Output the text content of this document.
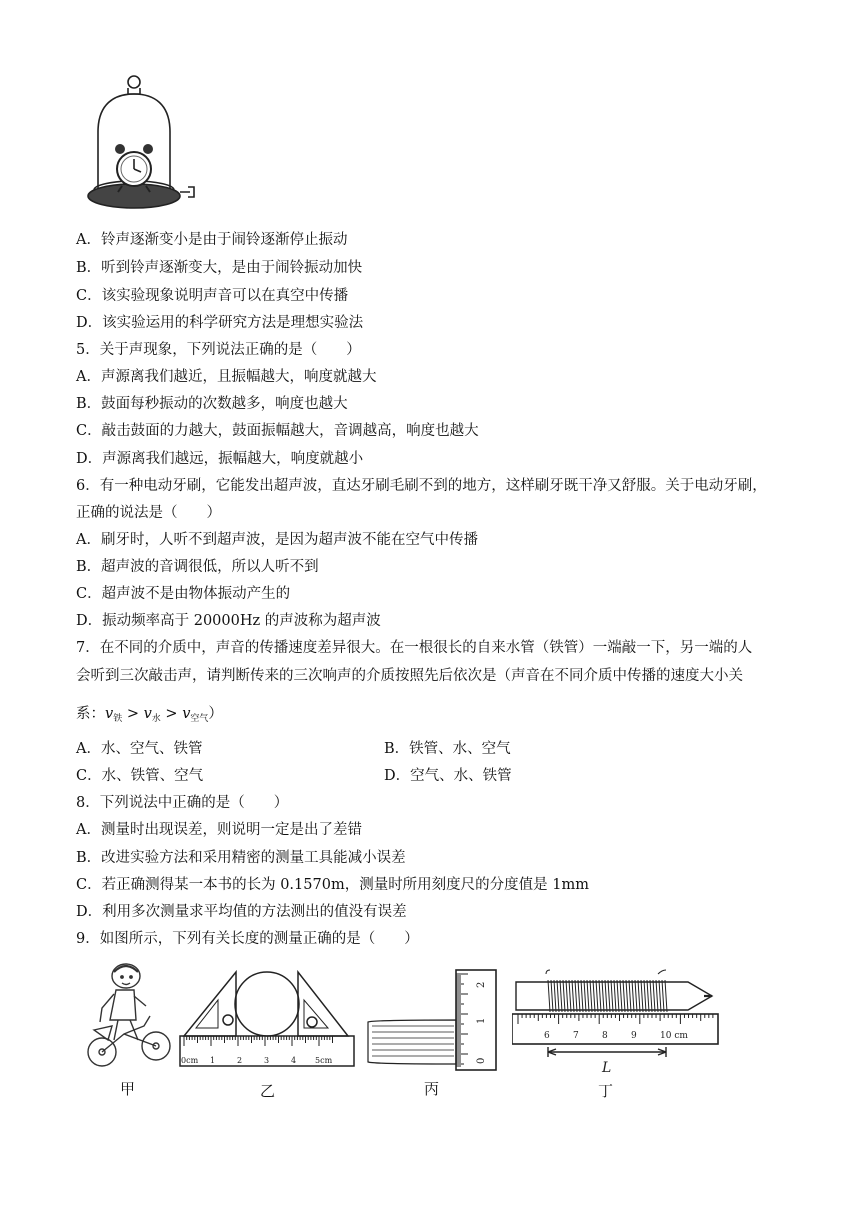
A．铃声逐渐变小是由于闹铃逐渐停止振动
B．听到铃声逐渐变大，是由于闹铃振动加快
C．该实验现象说明声音可以在真空中传播
D．该实验运用的科学研究方法是理想实验法
5．关于声现象，下列说法正确的是（　　）
A．声源离我们越近，且振幅越大，响度就越大
B．鼓面每秒振动的次数越多，响度也越大
C．敲击鼓面的力越大，鼓面振幅越大，音调越高，响度也越大
D．声源离我们越远，振幅越大，响度就越小
6．有一种电动牙刷，它能发出超声波，直达牙刷毛刷不到的地方，这样刷牙既干净又舒服。关于电动牙刷，
正确的说法是（　　）
A．刷牙时，人听不到超声波，是因为超声波不能在空气中传播
B．超声波的音调很低，所以人听不到
C．超声波不是由物体振动产生的
D．振动频率高于 20000Hz 的声波称为超声波
7．在不同的介质中，声音的传播速度差异很大。在一根很长的自来水管（铁管）一端敲一下，另一端的人
会听到三次敲击声，请判断传来的三次响声的介质按照先后依次是（声音在不同介质中传播的速度大小关
系：$v_铁 > v_水 > v_{空气}$）
A．水、空气、铁管	B．铁管、水、空气
C．水、铁管、空气	D．空气、水、铁管
8．下列说法中正确的是（　　）
A．测量时出现误差，则说明一定是出了差错
B．改进实验方法和采用精密的测量工具能减小误差
C．若正确测得某一本书的长为 0.1570m，测量时所用刻度尺的分度值是 1mm
D．利用多次测量求平均值的方法测出的值没有误差
9．如图所示，下列有关长度的测量正确的是（　　）
甲
0cm 1	2	3	4 5cm
乙
2
1
0
丙
6	7	8	9	10 cm
L
丁
